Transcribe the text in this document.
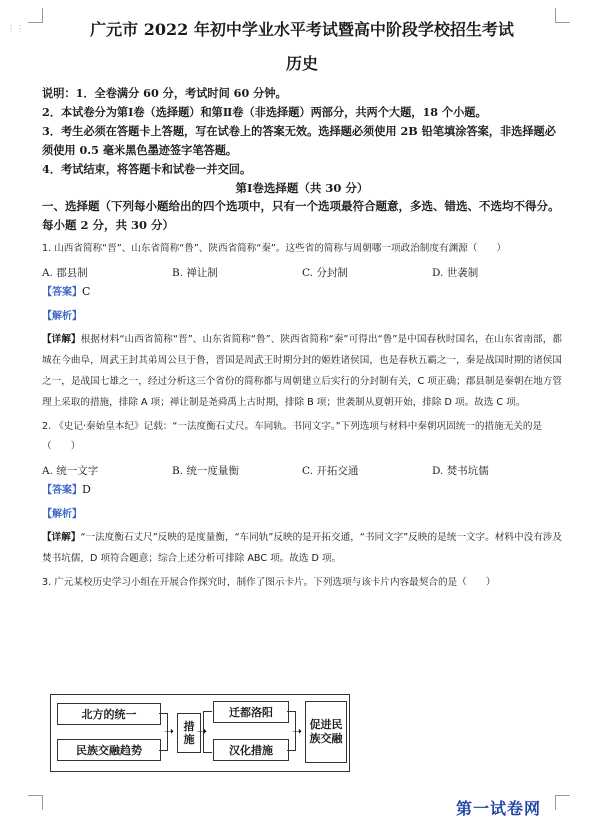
⋮⋮	广元市 2022 年初中学业水平考试暨高中阶段学校招生考试
历史

说明：1．全卷满分 60 分，考试时间 60 分钟。

2．本试卷分为第Ⅰ卷（选择题）和第Ⅱ卷（非选择题）两部分，共两个大题，18 个小题。

3．考生必须在答题卡上答题，写在试卷上的答案无效。选择题必须使用 2B 铅笔填涂答案，非选择题必须使用 0.5 毫米黑色墨迹签字笔答题。

4．考试结束，将答题卡和试卷一并交回。

第Ⅰ卷选择题（共 30 分）
一、选择题（下列每小题给出的四个选项中，只有一个选项最符合题意，多选、错选、不选均不得分。每小题 2 分，共 30 分）
1. 山西省简称“晋”、山东省简称“鲁”、陕西省简称“秦”。这些省的简称与周朝哪一项政治制度有渊源（　　）
A. 郡县制	B. 禅让制	C. 分封制	D. 世袭制
【答案】C
【解析】
【详解】根据材料“山西省简称“晋”、山东省简称“鲁”、陕西省简称“秦”可得出“鲁”是中国春秋时国名，在山东省南部，都城在今曲阜，周武王封其弟周公旦于鲁，晋国是周武王时期分封的姬姓诸侯国，也是春秋五霸之一，秦是战国时期的诸侯国之一，是战国七雄之一，经过分析这三个省份的简称都与周朝建立后实行的分封制有关，C 项正确；郡县制是秦朝在地方管理上采取的措施，排除 A 项；禅让制是尧舜禹上古时期，排除 B 项；世袭制从夏朝开始，排除 D 项。故选 C 项。
2. 《史记·秦始皇本纪》记载：“一法度衡石丈尺。车同轨。书同文字。”下列选项与材料中秦朝巩固统一的措施无关的是（　　）
A. 统一文字	B. 统一度量衡	C. 开拓交通	D. 焚书坑儒
【答案】D
【解析】
【详解】“一法度衡石丈尺”反映的是度量衡，“车同轨”反映的是开拓交通，“书同文字”反映的是统一文字。材料中没有涉及焚书坑儒，D 项符合题意；综合上述分析可排除 ABC 项。故选 D 项。
3. 广元某校历史学习小组在开展合作探究时，制作了图示卡片。下列选项与该卡片内容最契合的是（　　）
北方的统一
民族交融趋势
➝ 措施
➝
迁都洛阳
汉化措施
➝ 促进民族交融
第一试卷网
